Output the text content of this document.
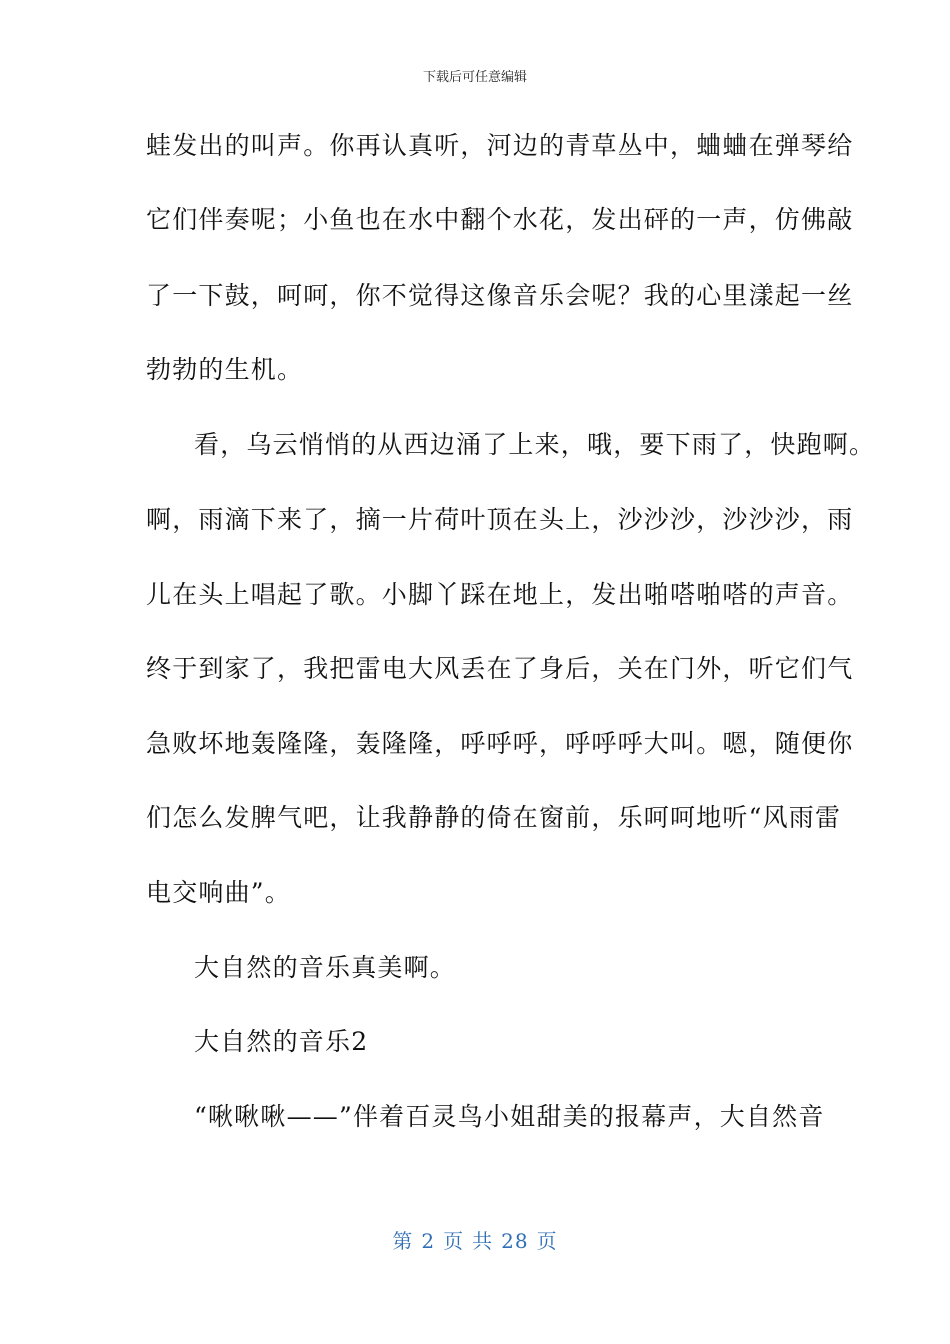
下载后可任意编辑
蛙发出的叫声。你再认真听，河边的青草丛中，蛐蛐在弹琴给
它们伴奏呢；小鱼也在水中翻个水花，发出砰的一声，仿佛敲
了一下鼓，呵呵，你不觉得这像音乐会呢？我的心里漾起一丝
勃勃的生机。
看，乌云悄悄的从西边涌了上来，哦，要下雨了，快跑啊。
啊，雨滴下来了，摘一片荷叶顶在头上，沙沙沙，沙沙沙，雨
儿在头上唱起了歌。小脚丫踩在地上，发出啪嗒啪嗒的声音。
终于到家了，我把雷电大风丢在了身后，关在门外，听它们气
急败坏地轰隆隆，轰隆隆，呼呼呼，呼呼呼大叫。嗯，随便你
们怎么发脾气吧，让我静静的倚在窗前，乐呵呵地听“风雨雷
电交响曲”。
大自然的音乐真美啊。
大自然的音乐2
“啾啾啾——”伴着百灵鸟小姐甜美的报幕声，大自然音
第 2 页 共 28 页
